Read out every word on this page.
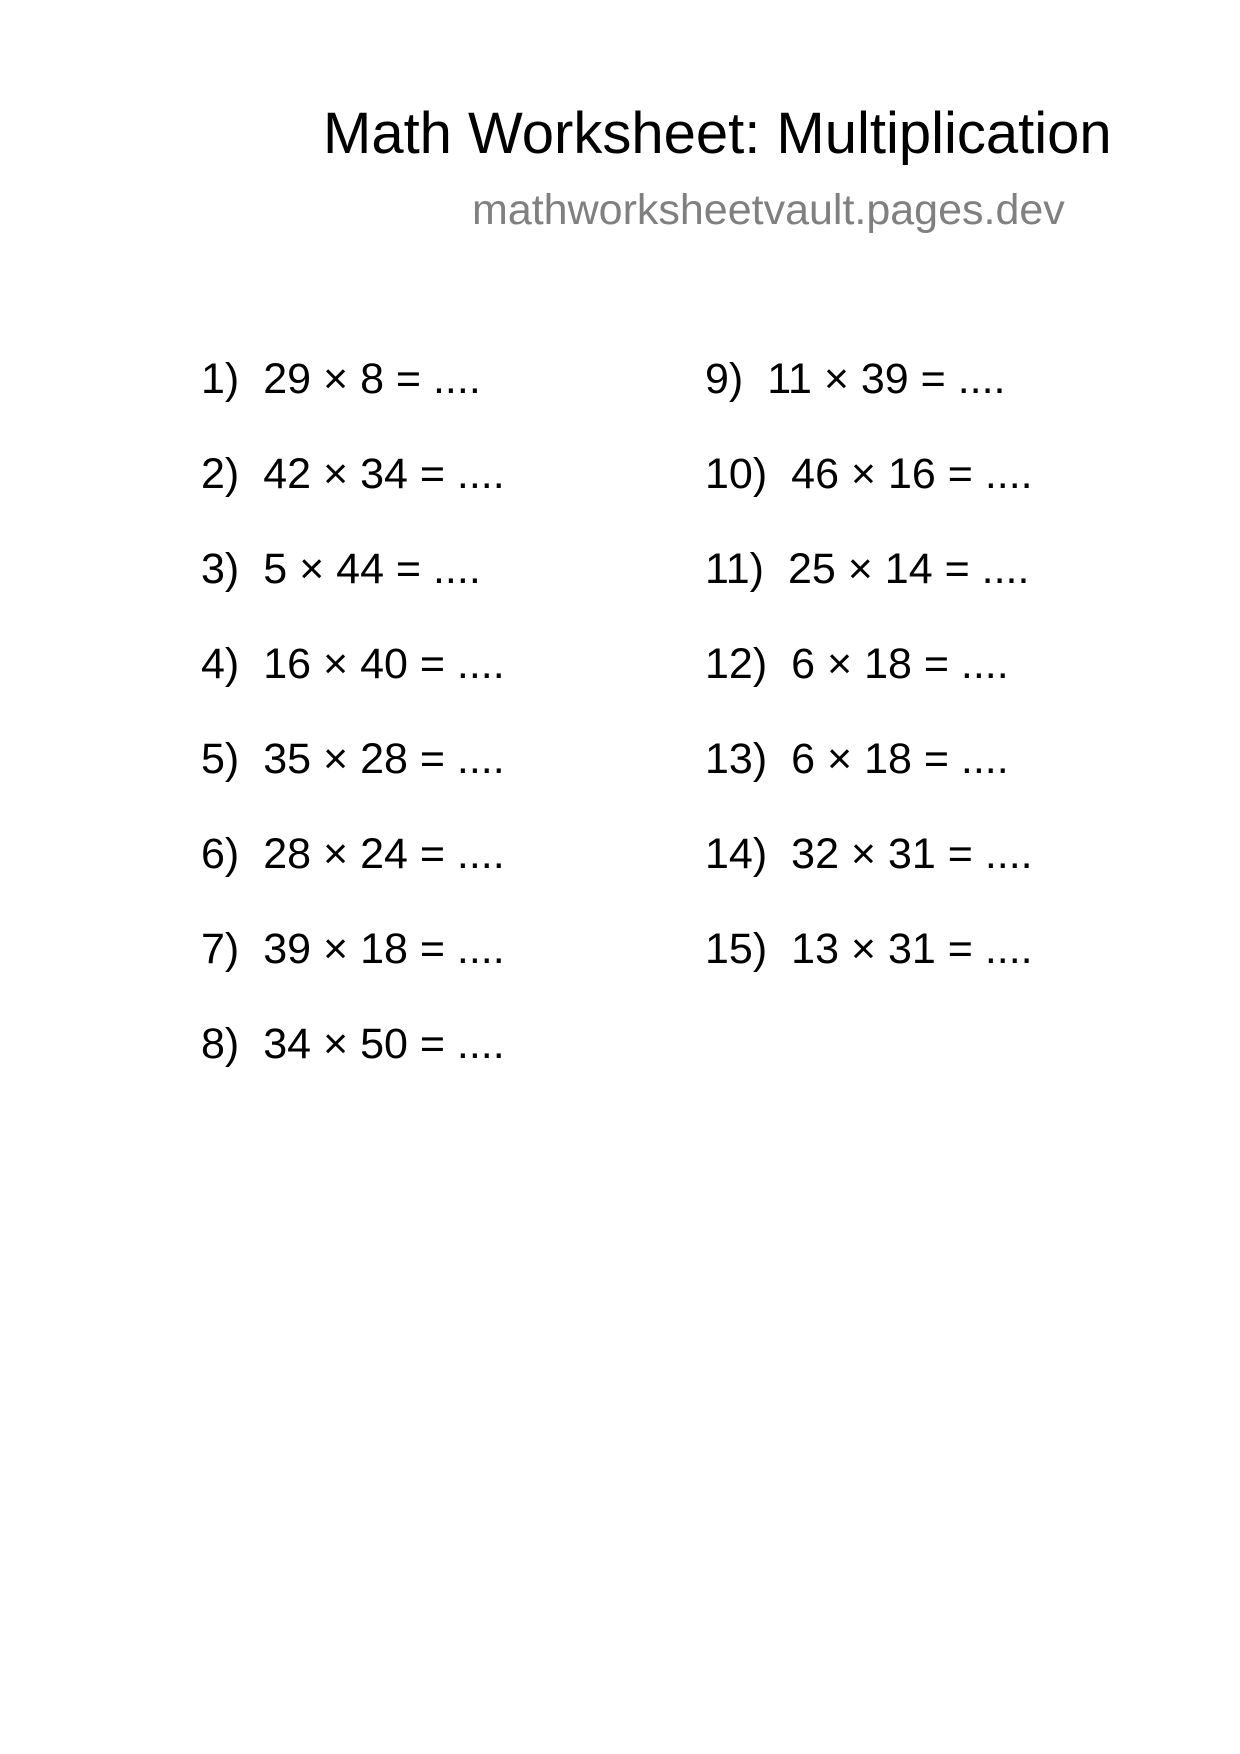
Math Worksheet: Multiplication
mathworksheetvault.pages.dev
1) 29 × 8 = ....
2) 42 × 34 = ....
3) 5 × 44 = ....
4) 16 × 40 = ....
5) 35 × 28 = ....
6) 28 × 24 = ....
7) 39 × 18 = ....
8) 34 × 50 = ....
9) 11 × 39 = ....
10) 46 × 16 = ....
11) 25 × 14 = ....
12) 6 × 18 = ....
13) 6 × 18 = ....
14) 32 × 31 = ....
15) 13 × 31 = ....
